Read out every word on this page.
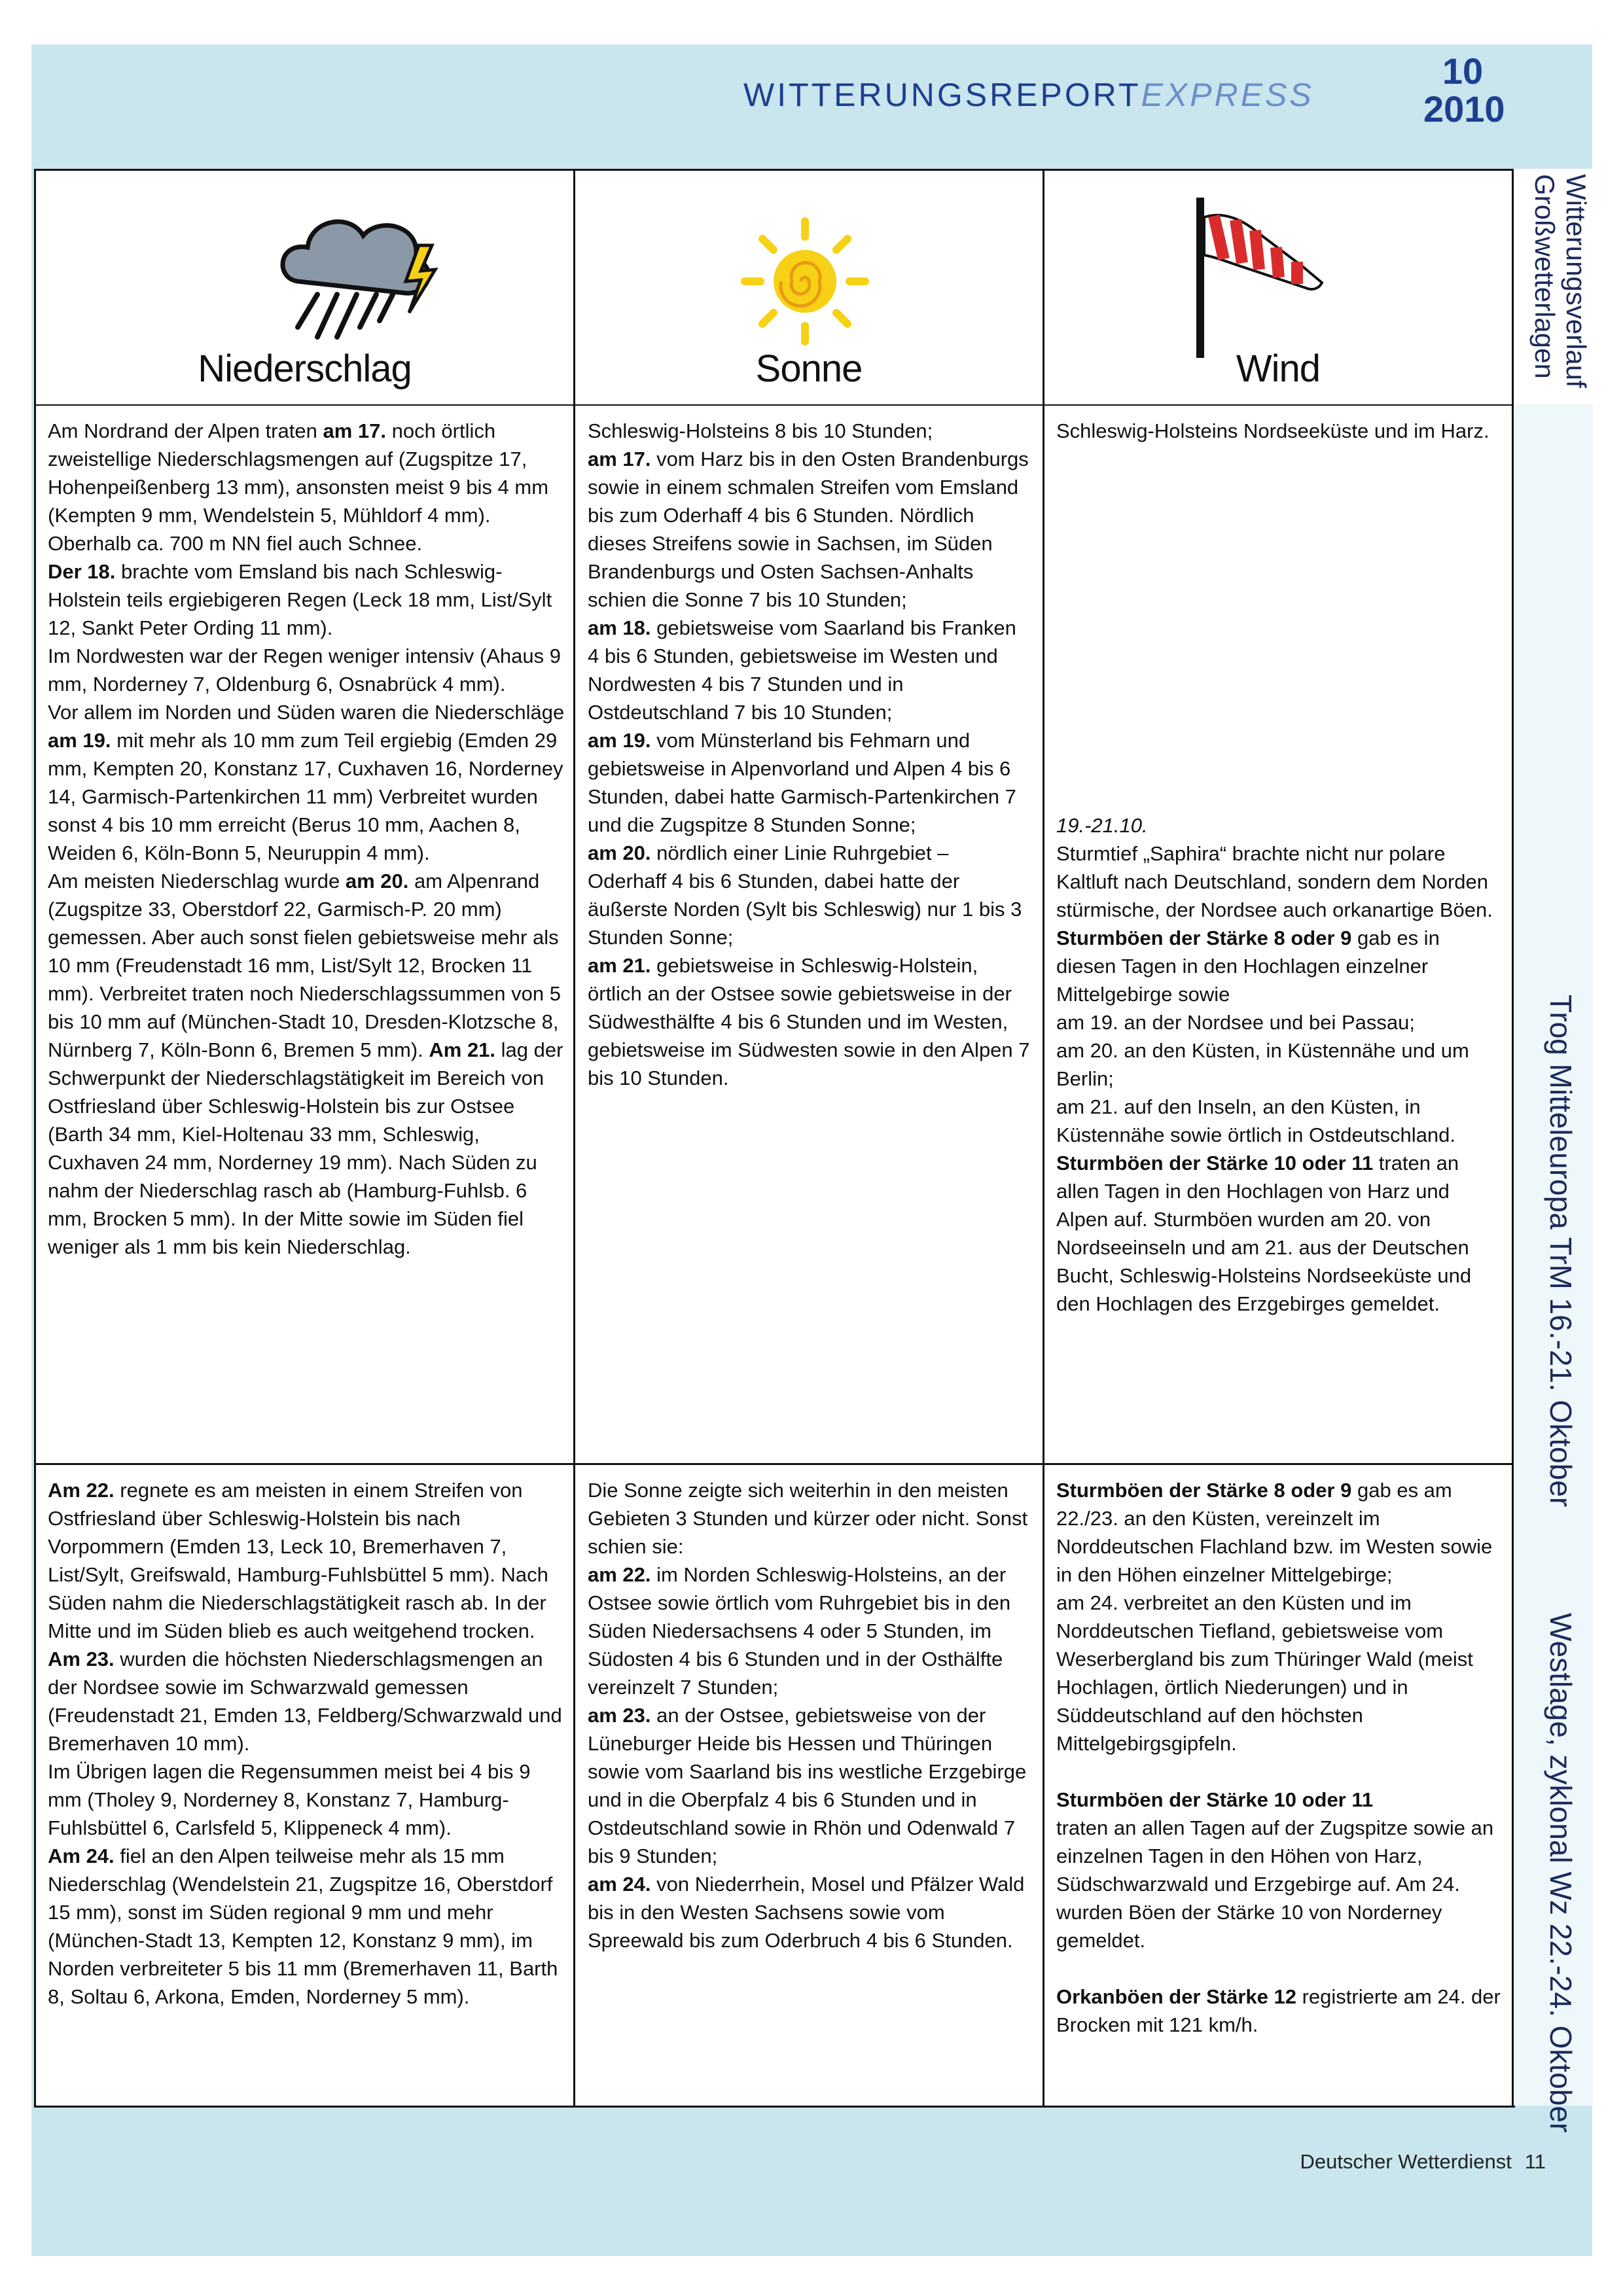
WITTERUNGSREPORTEXPRESS
10
2010
Niederschlag	Sonne	Wind
Am Nordrand der Alpen traten am 17. noch örtlich zweistellige Niederschlagsmengen auf (Zugspitze 17, Hohenpeißenberg 13 mm), ansonsten meist 9 bis 4 mm (Kempten 9 mm, Wendelstein 5, Mühldorf 4 mm). Oberhalb ca. 700 m NN fiel auch Schnee.
Der 18. brachte vom Emsland bis nach Schleswig-Holstein teils ergiebigeren Regen (Leck 18 mm, List/Sylt 12, Sankt Peter Ording 11 mm).
Im Nordwesten war der Regen weniger intensiv (Ahaus 9 mm, Norderney 7, Oldenburg 6, Osnabrück 4 mm).
Vor allem im Norden und Süden waren die Niederschläge am 19. mit mehr als 10 mm zum Teil ergiebig (Emden 29 mm, Kempten 20, Konstanz 17, Cuxhaven 16, Norderney 14, Garmisch-Partenkirchen 11 mm) Verbreitet wurden sonst 4 bis 10 mm erreicht (Berus 10 mm, Aachen 8, Weiden 6, Köln-Bonn 5, Neuruppin 4 mm).
Am meisten Niederschlag wurde am 20. am Alpenrand (Zugspitze 33, Oberstdorf 22, Garmisch-P. 20 mm) gemessen. Aber auch sonst fielen gebietsweise mehr als 10 mm (Freudenstadt 16 mm, List/Sylt 12, Brocken 11 mm). Verbreitet traten noch Niederschlagssummen von 5 bis 10 mm auf (München-Stadt 10, Dresden-Klotzsche 8, Nürnberg 7, Köln-Bonn 6, Bremen 5 mm). Am 21. lag der Schwerpunkt der Niederschlagstätigkeit im Bereich von Ostfriesland über Schleswig-Holstein bis zur Ostsee (Barth 34 mm, Kiel-Holtenau 33 mm, Schleswig, Cuxhaven 24 mm, Norderney 19 mm). Nach Süden zu nahm der Niederschlag rasch ab (Hamburg-Fuhlsb. 6 mm, Brocken 5 mm). In der Mitte sowie im Süden fiel weniger als 1 mm bis kein Niederschlag.
Schleswig-Holsteins 8 bis 10 Stunden;
am 17. vom Harz bis in den Osten Brandenburgs sowie in einem schmalen Streifen vom Emsland bis zum Oderhaff 4 bis 6 Stunden. Nördlich dieses Streifens sowie in Sachsen, im Süden Brandenburgs und Osten Sachsen-Anhalts schien die Sonne 7 bis 10 Stunden;
am 18. gebietsweise vom Saarland bis Franken 4 bis 6 Stunden, gebietsweise im Westen und Nordwesten 4 bis 7 Stunden und in Ostdeutschland 7 bis 10 Stunden;
am 19. vom Münsterland bis Fehmarn und gebietsweise in Alpenvorland und Alpen 4 bis 6 Stunden, dabei hatte Garmisch-Partenkirchen 7 und die Zugspitze 8 Stunden Sonne;
am 20. nördlich einer Linie Ruhrgebiet – Oderhaff 4 bis 6 Stunden, dabei hatte der äußerste Norden (Sylt bis Schleswig) nur 1 bis 3 Stunden Sonne;
am 21. gebietsweise in Schleswig-Holstein, örtlich an der Ostsee sowie gebietsweise in der Südwesthälfte 4 bis 6 Stunden und im Westen, gebietsweise im Südwesten sowie in den Alpen 7 bis 10 Stunden.
Schleswig-Holsteins Nordseeküste und im Harz.
19.-21.10.
Sturmtief „Saphira“ brachte nicht nur polare Kaltluft nach Deutschland, sondern dem Norden stürmische, der Nordsee auch orkanartige Böen.
Sturmböen der Stärke 8 oder 9 gab es in diesen Tagen in den Hochlagen einzelner Mittelgebirge sowie
am 19. an der Nordsee und bei Passau;
am 20. an den Küsten, in Küstennähe und um Berlin;
am 21. auf den Inseln, an den Küsten, in Küstennähe sowie örtlich in Ostdeutschland.
Sturmböen der Stärke 10 oder 11 traten an allen Tagen in den Hochlagen von Harz und Alpen auf. Sturmböen wurden am 20. von Nordseeinseln und am 21. aus der Deutschen Bucht, Schleswig-Holsteins Nordseeküste und den Hochlagen des Erzgebirges gemeldet.
Am 22. regnete es am meisten in einem Streifen von Ostfriesland über Schleswig-Holstein bis nach Vorpommern (Emden 13, Leck 10, Bremerhaven 7, List/Sylt, Greifswald, Hamburg-Fuhlsbüttel 5 mm). Nach Süden nahm die Niederschlagstätigkeit rasch ab. In der Mitte und im Süden blieb es auch weitgehend trocken.
Am 23. wurden die höchsten Niederschlagsmengen an der Nordsee sowie im Schwarzwald gemessen (Freudenstadt 21, Emden 13, Feldberg/Schwarzwald und Bremerhaven 10 mm).
Im Übrigen lagen die Regensummen meist bei 4 bis 9 mm (Tholey 9, Norderney 8, Konstanz 7, Hamburg-Fuhlsbüttel 6, Carlsfeld 5, Klippeneck 4 mm).
Am 24. fiel an den Alpen teilweise mehr als 15 mm Niederschlag (Wendelstein 21, Zugspitze 16, Oberstdorf 15 mm), sonst im Süden regional 9 mm und mehr (München-Stadt 13, Kempten 12, Konstanz 9 mm), im Norden verbreiteter 5 bis 11 mm (Bremerhaven 11, Barth 8, Soltau 6, Arkona, Emden, Norderney 5 mm).
Die Sonne zeigte sich weiterhin in den meisten Gebieten 3 Stunden und kürzer oder nicht. Sonst schien sie:
am 22. im Norden Schleswig-Holsteins, an der Ostsee sowie örtlich vom Ruhrgebiet bis in den Süden Niedersachsens 4 oder 5 Stunden, im Südosten 4 bis 6 Stunden und in der Osthälfte vereinzelt 7 Stunden;
am 23. an der Ostsee, gebietsweise von der Lüneburger Heide bis Hessen und Thüringen sowie vom Saarland bis ins westliche Erzgebirge und in die Oberpfalz 4 bis 6 Stunden und in Ostdeutschland sowie in Rhön und Odenwald 7 bis 9 Stunden;
am 24. von Niederrhein, Mosel und Pfälzer Wald bis in den Westen Sachsens sowie vom Spreewald bis zum Oderbruch 4 bis 6 Stunden.
Sturmböen der Stärke 8 oder 9 gab es am 22./23. an den Küsten, vereinzelt im Norddeutschen Flachland bzw. im Westen sowie in den Höhen einzelner Mittelgebirge;
am 24. verbreitet an den Küsten und im Norddeutschen Tiefland, gebietsweise vom Weserbergland bis zum Thüringer Wald (meist Hochlagen, örtlich Niederungen) und in Süddeutschland auf den höchsten Mittelgebirgsgipfeln.

Sturmböen der Stärke 10 oder 11
traten an allen Tagen auf der Zugspitze sowie an einzelnen Tagen in den Höhen von Harz, Südschwarzwald und Erzgebirge auf. Am 24. wurden Böen der Stärke 10 von Norderney gemeldet.

Orkanböen der Stärke 12 registrierte am 24. der Brocken mit 121 km/h.
Witterungsverlauf
Großwetterlagen
Trog Mitteleuropa TrM 16.-21. Oktober
Westlage, zyklonal Wz 22.-24. Oktober
Deutscher Wetterdienst 11
